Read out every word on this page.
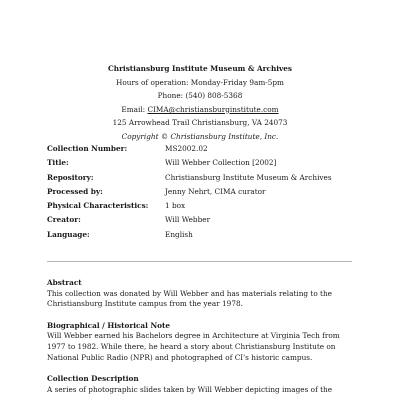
Christiansburg Institute Museum & Archives
Hours of operation: Monday-Friday 9am-5pm
Phone: (540) 808-5368
Email: CIMA@christiansburginstitute.com
125 Arrowhead Trail Christiansburg, VA 24073
Copyright © Christiansburg Institute, Inc.
Collection Number:	MS2002.02
Title:	Will Webber Collection [2002]
Repository:	Christiansburg Institute Museum & Archives
Processed by:	Jenny Nehrt, CIMA curator
Physical Characteristics:	1 box
Creator:	Will Webber
Language:	English
Abstract

This collection was donated by Will Webber and has materials relating to the Christiansburg Institute campus from the year 1978.

Biographical / Historical Note

Will Webber earned his Bachelors degree in Architecture at Virginia Tech from 1977 to 1982. While there, he heard a story about Christiansburg Institute on National Public Radio (NPR) and photographed of CI's historic campus.

Collection Description

A series of photographic slides taken by Will Webber depicting images of the
